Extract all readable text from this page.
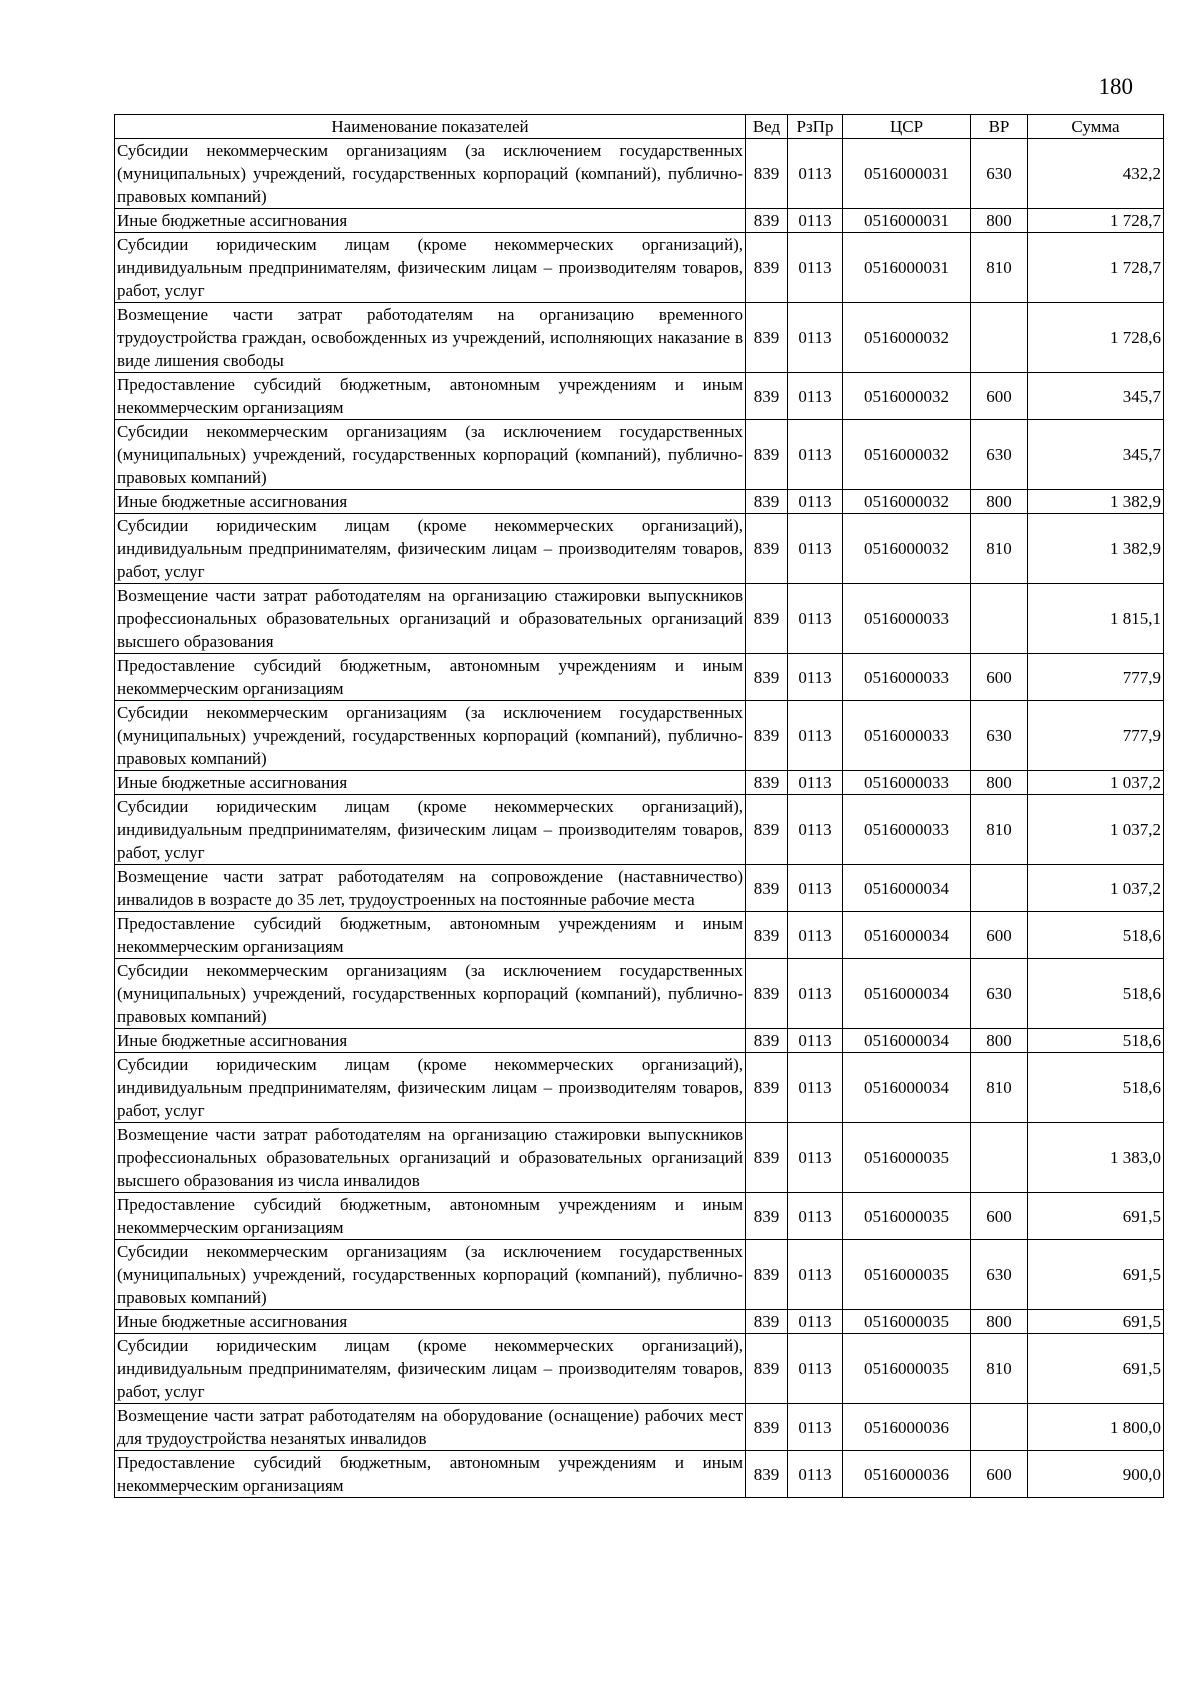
180
Наименование показателей	Вед	РзПр	ЦСР	ВР	Сумма
Субсидии некоммерческим организациям (за исключением государственных (муниципальных) учреждений, государственных корпораций (компаний), публично-правовых компаний)	839	0113	0516000031	630	432,2
Иные бюджетные ассигнования	839	0113	0516000031	800	1 728,7
Субсидии юридическим лицам (кроме некоммерческих организаций), индивидуальным предпринимателям, физическим лицам – производителям товаров, работ, услуг	839	0113	0516000031	810	1 728,7
Возмещение части затрат работодателям на организацию временного трудоустройства граждан, освобожденных из учреждений, исполняющих наказание в виде лишения свободы	839	0113	0516000032		1 728,6
Предоставление субсидий бюджетным, автономным учреждениям и иным некоммерческим организациям	839	0113	0516000032	600	345,7
Субсидии некоммерческим организациям (за исключением государственных (муниципальных) учреждений, государственных корпораций (компаний), публично-правовых компаний)	839	0113	0516000032	630	345,7
Иные бюджетные ассигнования	839	0113	0516000032	800	1 382,9
Субсидии юридическим лицам (кроме некоммерческих организаций), индивидуальным предпринимателям, физическим лицам – производителям товаров, работ, услуг	839	0113	0516000032	810	1 382,9
Возмещение части затрат работодателям на организацию стажировки выпускников профессиональных образовательных организаций и образовательных организаций высшего образования	839	0113	0516000033		1 815,1
Предоставление субсидий бюджетным, автономным учреждениям и иным некоммерческим организациям	839	0113	0516000033	600	777,9
Субсидии некоммерческим организациям (за исключением государственных (муниципальных) учреждений, государственных корпораций (компаний), публично-правовых компаний)	839	0113	0516000033	630	777,9
Иные бюджетные ассигнования	839	0113	0516000033	800	1 037,2
Субсидии юридическим лицам (кроме некоммерческих организаций), индивидуальным предпринимателям, физическим лицам – производителям товаров, работ, услуг	839	0113	0516000033	810	1 037,2
Возмещение части затрат работодателям на сопровождение (наставничество) инвалидов в возрасте до 35 лет, трудоустроенных на постоянные рабочие места	839	0113	0516000034		1 037,2
Предоставление субсидий бюджетным, автономным учреждениям и иным некоммерческим организациям	839	0113	0516000034	600	518,6
Субсидии некоммерческим организациям (за исключением государственных (муниципальных) учреждений, государственных корпораций (компаний), публично-правовых компаний)	839	0113	0516000034	630	518,6
Иные бюджетные ассигнования	839	0113	0516000034	800	518,6
Субсидии юридическим лицам (кроме некоммерческих организаций), индивидуальным предпринимателям, физическим лицам – производителям товаров, работ, услуг	839	0113	0516000034	810	518,6
Возмещение части затрат работодателям на организацию стажировки выпускников профессиональных образовательных организаций и образовательных организаций высшего образования из числа инвалидов	839	0113	0516000035		1 383,0
Предоставление субсидий бюджетным, автономным учреждениям и иным некоммерческим организациям	839	0113	0516000035	600	691,5
Субсидии некоммерческим организациям (за исключением государственных (муниципальных) учреждений, государственных корпораций (компаний), публично-правовых компаний)	839	0113	0516000035	630	691,5
Иные бюджетные ассигнования	839	0113	0516000035	800	691,5
Субсидии юридическим лицам (кроме некоммерческих организаций), индивидуальным предпринимателям, физическим лицам – производителям товаров, работ, услуг	839	0113	0516000035	810	691,5
Возмещение части затрат работодателям на оборудование (оснащение) рабочих мест для трудоустройства незанятых инвалидов	839	0113	0516000036		1 800,0
Предоставление субсидий бюджетным, автономным учреждениям и иным некоммерческим организациям	839	0113	0516000036	600	900,0
